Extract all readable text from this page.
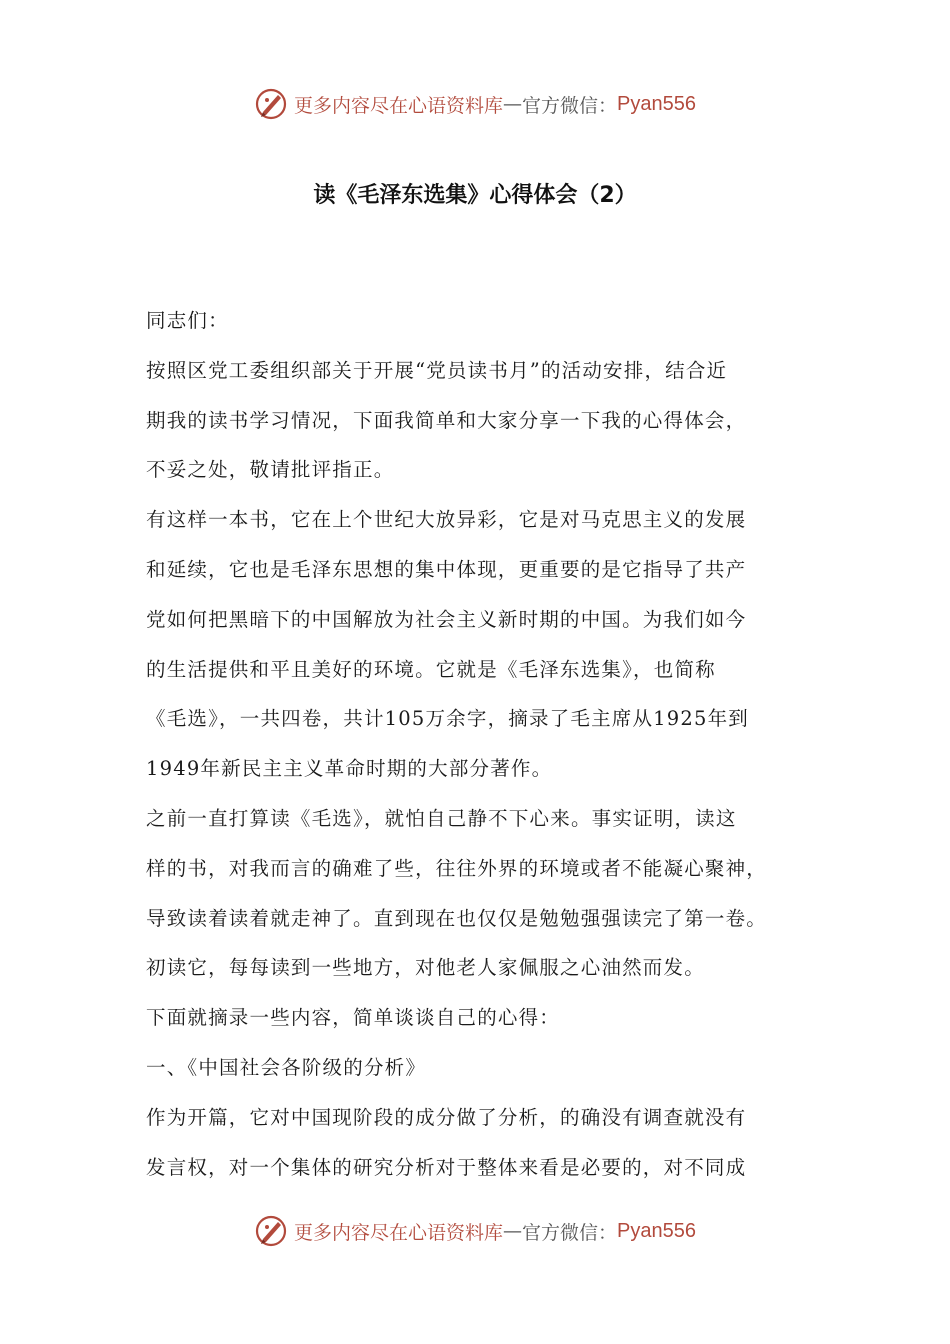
更多内容尽在心语资料库 — 官方微信： Pyan556
读《毛泽东选集》心得体会（2）
同志们：
按照区党工委组织部关于开展“党员读书月”的活动安排，结合近
期我的读书学习情况，下面我简单和大家分享一下我的心得体会，
不妥之处，敬请批评指正。
有这样一本书，它在上个世纪大放异彩，它是对马克思主义的发展
和延续，它也是毛泽东思想的集中体现，更重要的是它指导了共产
党如何把黑暗下的中国解放为社会主义新时期的中国。为我们如今
的生活提供和平且美好的环境。它就是《毛泽东选集》，也简称
《毛选》，一共四卷，共计105万余字，摘录了毛主席从1925年到
1949年新民主主义革命时期的大部分著作。
之前一直打算读《毛选》，就怕自己静不下心来。事实证明，读这
样的书，对我而言的确难了些，往往外界的环境或者不能凝心聚神，
导致读着读着就走神了。直到现在也仅仅是勉勉强强读完了第一卷。
初读它，每每读到一些地方，对他老人家佩服之心油然而发。
下面就摘录一些内容，简单谈谈自己的心得：
一、《中国社会各阶级的分析》
作为开篇，它对中国现阶段的成分做了分析，的确没有调查就没有
发言权，对一个集体的研究分析对于整体来看是必要的，对不同成
更多内容尽在心语资料库 — 官方微信： Pyan556
